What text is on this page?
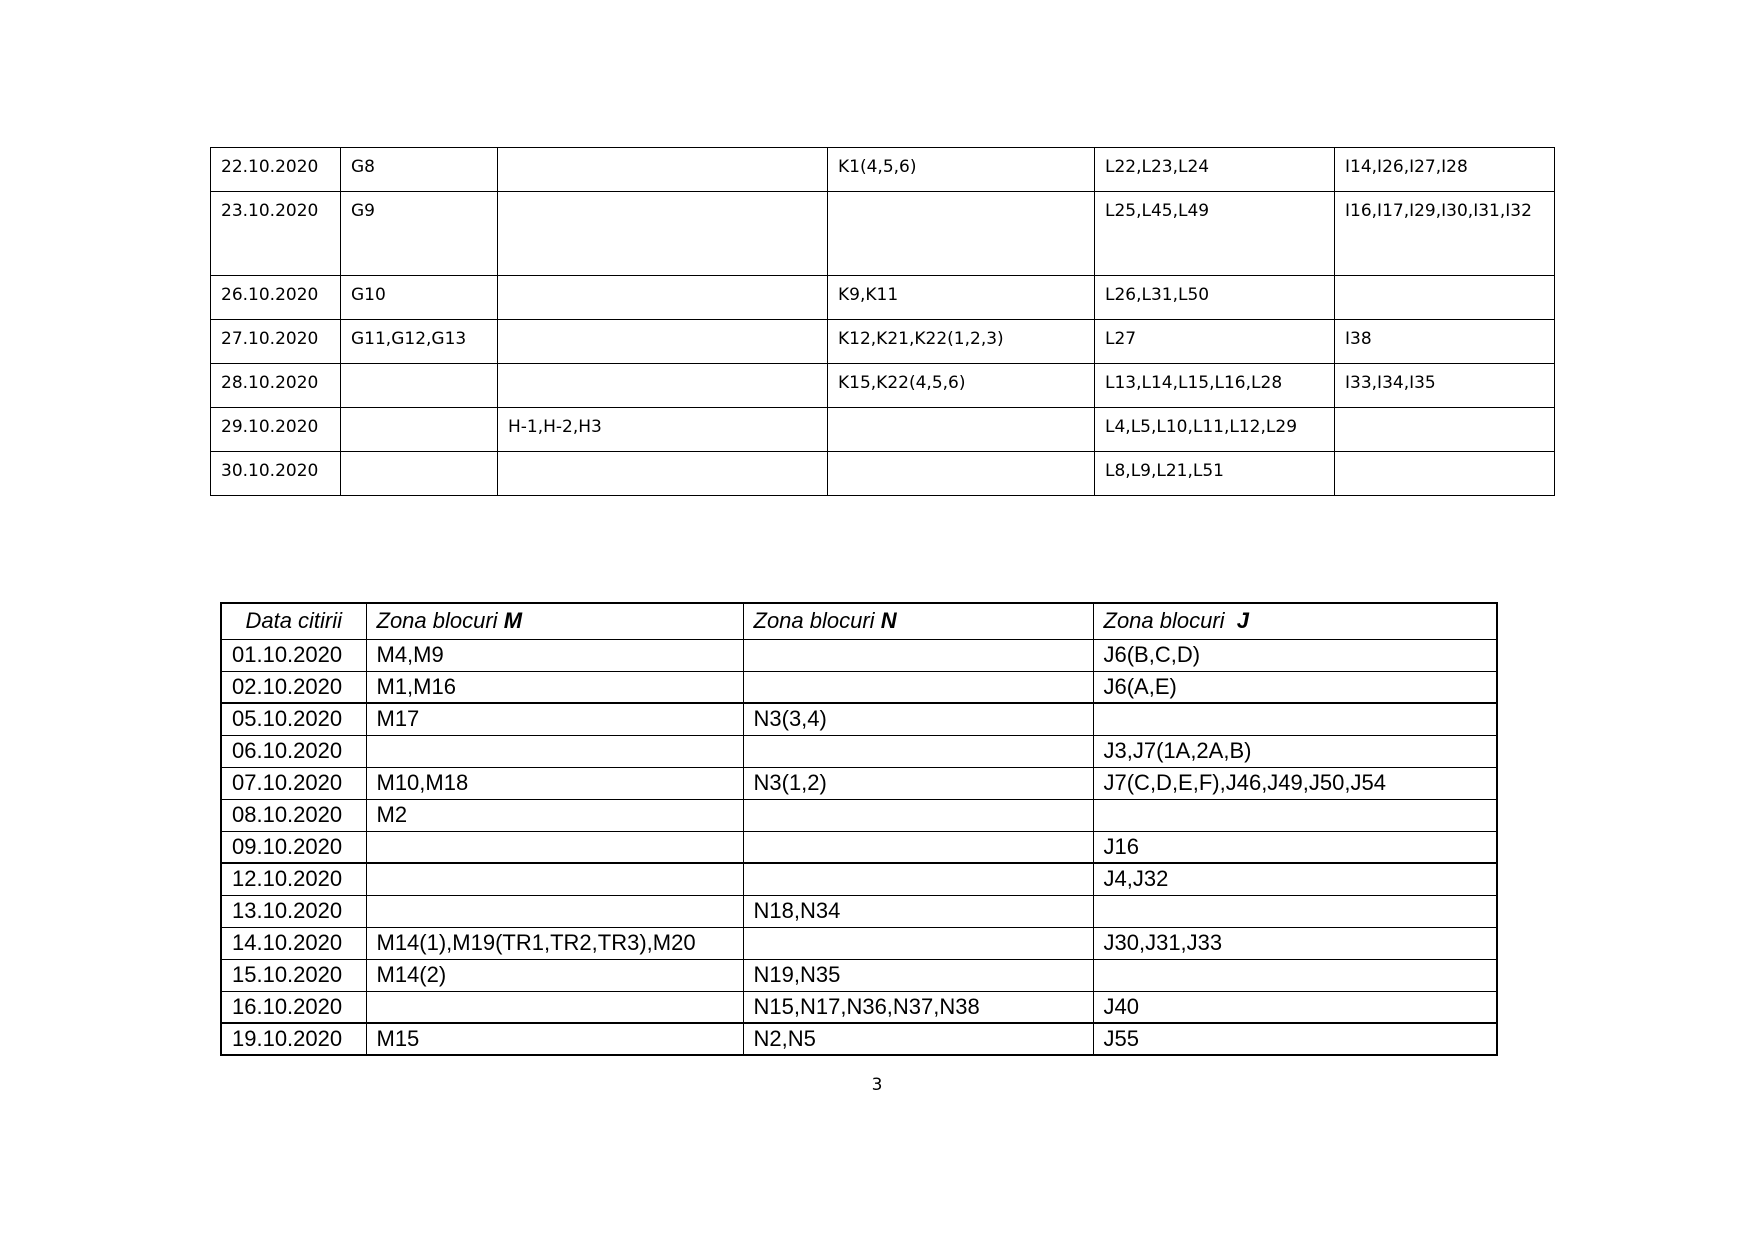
22.10.2020	G8		K1(4,5,6)	L22,L23,L24	I14,I26,I27,I28
23.10.2020	G9			L25,L45,L49	I16,I17,I29,I30,I31,I32
26.10.2020	G10		K9,K11	L26,L31,L50	
27.10.2020	G11,G12,G13		K12,K21,K22(1,2,3)	L27	I38
28.10.2020			K15,K22(4,5,6)	L13,L14,L15,L16,L28	I33,I34,I35
29.10.2020		H-1,H-2,H3		L4,L5,L10,L11,L12,L29	
30.10.2020				L8,L9,L21,L51	
Data citirii	Zona blocuri M	Zona blocuri N	Zona blocuri  J
01.10.2020	M4,M9		J6(B,C,D)
02.10.2020	M1,M16		J6(A,E)
05.10.2020	M17	N3(3,4)	
06.10.2020			J3,J7(1A,2A,B)
07.10.2020	M10,M18	N3(1,2)	J7(C,D,E,F),J46,J49,J50,J54
08.10.2020	M2		
09.10.2020			J16
12.10.2020			J4,J32
13.10.2020		N18,N34	
14.10.2020	M14(1),M19(TR1,TR2,TR3),M20		J30,J31,J33
15.10.2020	M14(2)	N19,N35	
16.10.2020		N15,N17,N36,N37,N38	J40
19.10.2020	M15	N2,N5	J55
3
